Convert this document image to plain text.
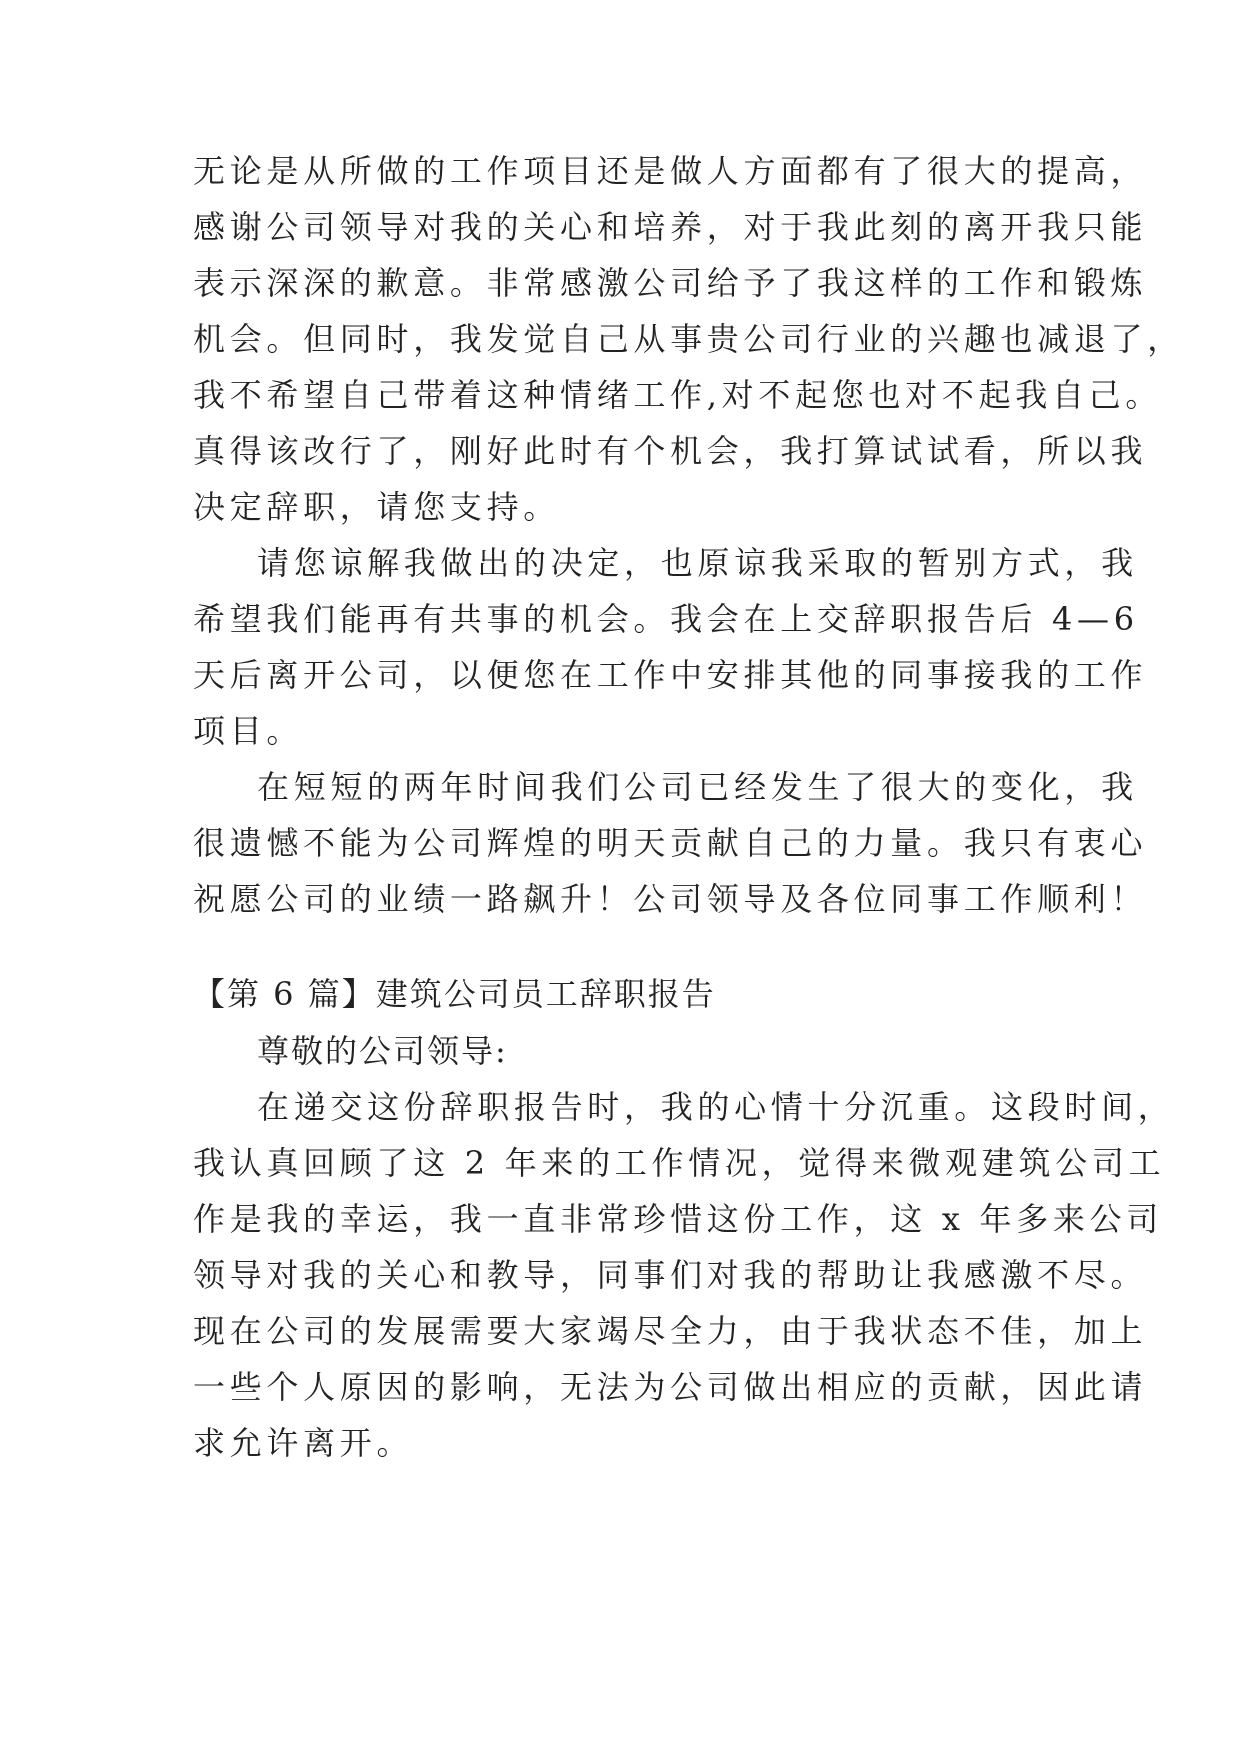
无论是从所做的工作项目还是做人方面都有了很大的提高，
感谢公司领导对我的关心和培养，对于我此刻的离开我只能
表示深深的歉意。非常感激公司给予了我这样的工作和锻炼
机会。但同时，我发觉自己从事贵公司行业的兴趣也减退了，
我不希望自己带着这种情绪工作,对不起您也对不起我自己。
真得该改行了，刚好此时有个机会，我打算试试看，所以我
决定辞职，请您支持。
请您谅解我做出的决定，也原谅我采取的暂别方式，我
希望我们能再有共事的机会。我会在上交辞职报告后 4—6
天后离开公司，以便您在工作中安排其他的同事接我的工作
项目。
在短短的两年时间我们公司已经发生了很大的变化，我
很遗憾不能为公司辉煌的明天贡献自己的力量。我只有衷心
祝愿公司的业绩一路飙升！公司领导及各位同事工作顺利！
【第 6 篇】建筑公司员工辞职报告
尊敬的公司领导:
在递交这份辞职报告时，我的心情十分沉重。这段时间，
我认真回顾了这 2 年来的工作情况，觉得来微观建筑公司工
作是我的幸运，我一直非常珍惜这份工作，这 x 年多来公司
领导对我的关心和教导，同事们对我的帮助让我感激不尽。
现在公司的发展需要大家竭尽全力，由于我状态不佳，加上
一些个人原因的影响，无法为公司做出相应的贡献，因此请
求允许离开。
